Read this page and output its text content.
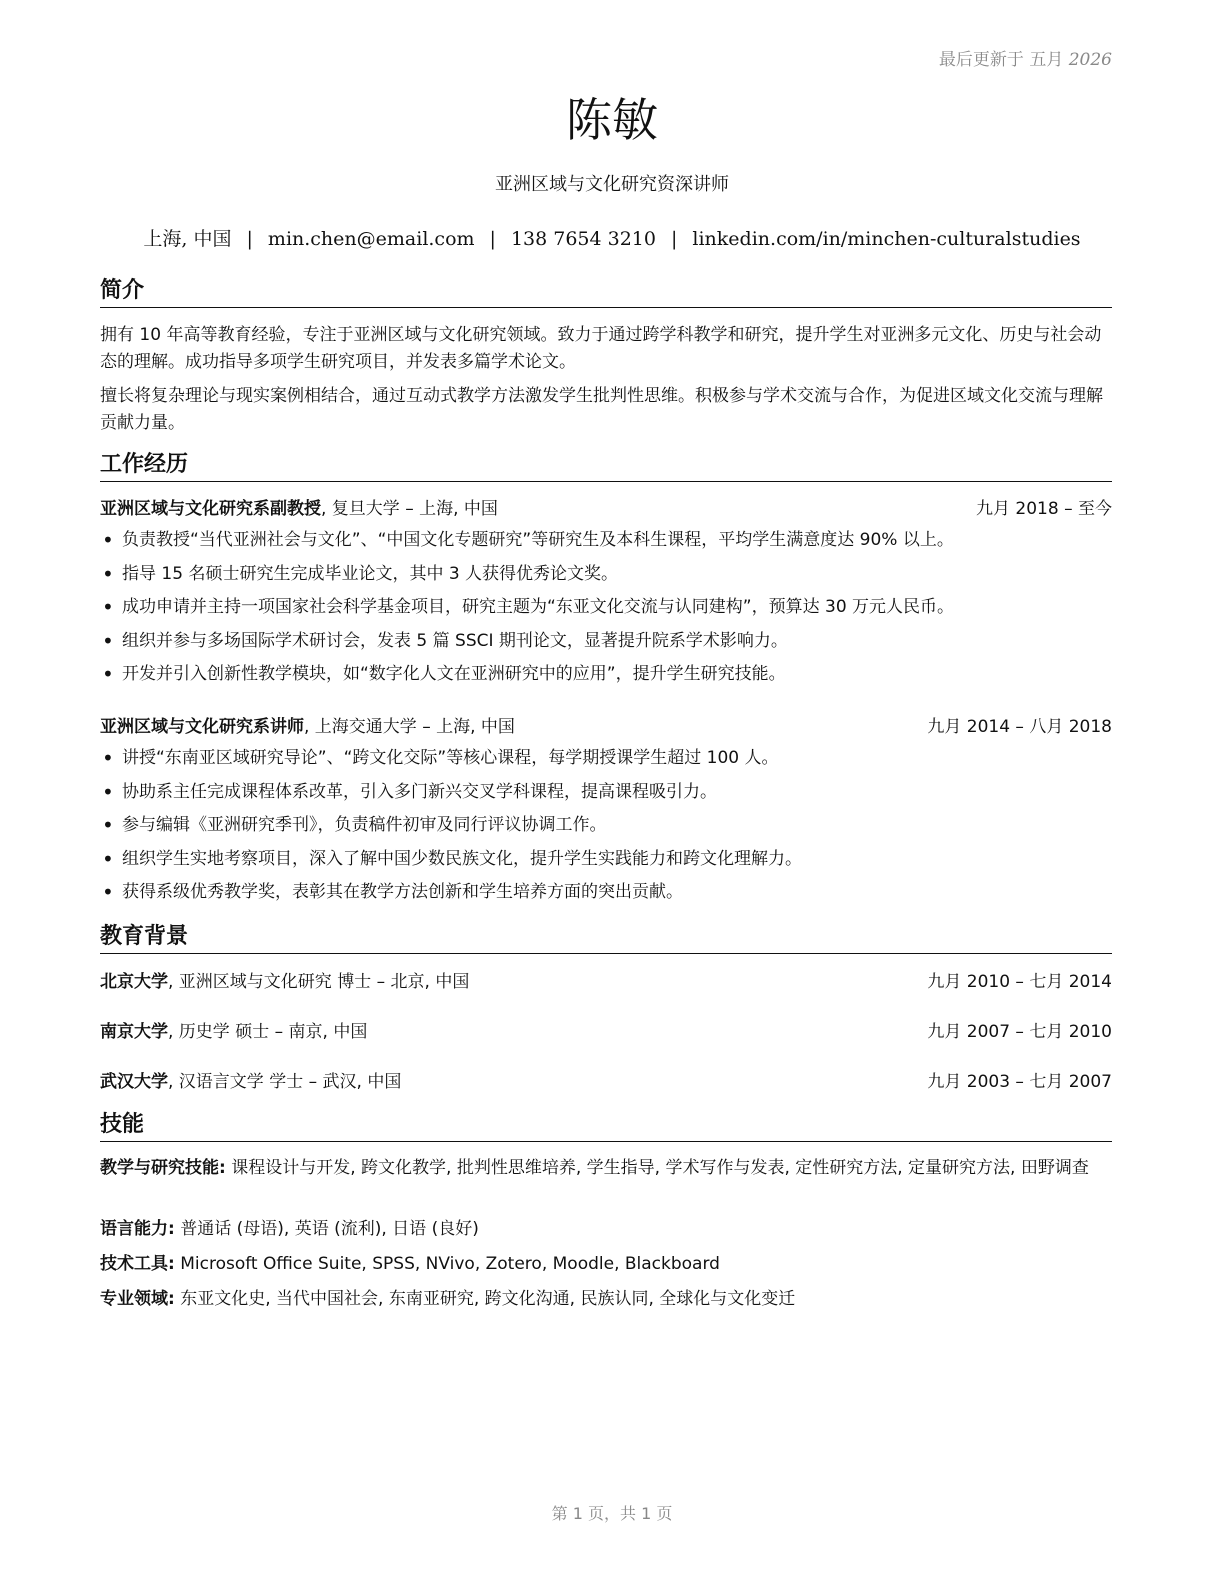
最后更新于 五月 2026
陈敏
亚洲区域与文化研究资深讲师
上海, 中国 | min.chen@email.com | 138 7654 3210 | linkedin.com/in/minchen-culturalstudies
简介
拥有 10 年高等教育经验，专注于亚洲区域与文化研究领域。致力于通过跨学科教学和研究，提升学生对亚洲多元文化、历史与社会动态的理解。成功指导多项学生研究项目，并发表多篇学术论文。
擅长将复杂理论与现实案例相结合，通过互动式教学方法激发学生批判性思维。积极参与学术交流与合作，为促进区域文化交流与理解贡献力量。
工作经历
亚洲区域与文化研究系副教授, 复旦大学 – 上海, 中国	九月 2018 – 至今
• 负责教授“当代亚洲社会与文化”、“中国文化专题研究”等研究生及本科生课程，平均学生满意度达 90% 以上。
• 指导 15 名硕士研究生完成毕业论文，其中 3 人获得优秀论文奖。
• 成功申请并主持一项国家社会科学基金项目，研究主题为“东亚文化交流与认同建构”，预算达 30 万元人民币。
• 组织并参与多场国际学术研讨会，发表 5 篇 SSCI 期刊论文，显著提升院系学术影响力。
• 开发并引入创新性教学模块，如“数字化人文在亚洲研究中的应用”，提升学生研究技能。
亚洲区域与文化研究系讲师, 上海交通大学 – 上海, 中国	九月 2014 – 八月 2018
• 讲授“东南亚区域研究导论”、“跨文化交际”等核心课程，每学期授课学生超过 100 人。
• 协助系主任完成课程体系改革，引入多门新兴交叉学科课程，提高课程吸引力。
• 参与编辑《亚洲研究季刊》，负责稿件初审及同行评议协调工作。
• 组织学生实地考察项目，深入了解中国少数民族文化，提升学生实践能力和跨文化理解力。
• 获得系级优秀教学奖，表彰其在教学方法创新和学生培养方面的突出贡献。
教育背景
北京大学, 亚洲区域与文化研究 博士 – 北京, 中国	九月 2010 – 七月 2014
南京大学, 历史学 硕士 – 南京, 中国	九月 2007 – 七月 2010
武汉大学, 汉语言文学 学士 – 武汉, 中国	九月 2003 – 七月 2007
技能
教学与研究技能: 课程设计与开发, 跨文化教学, 批判性思维培养, 学生指导, 学术写作与发表, 定性研究方法, 定量研究方法, 田野调查
语言能力: 普通话 (母语), 英语 (流利), 日语 (良好)
技术工具: Microsoft Office Suite, SPSS, NVivo, Zotero, Moodle, Blackboard
专业领域: 东亚文化史, 当代中国社会, 东南亚研究, 跨文化沟通, 民族认同, 全球化与文化变迁
第 1 页，共 1 页
